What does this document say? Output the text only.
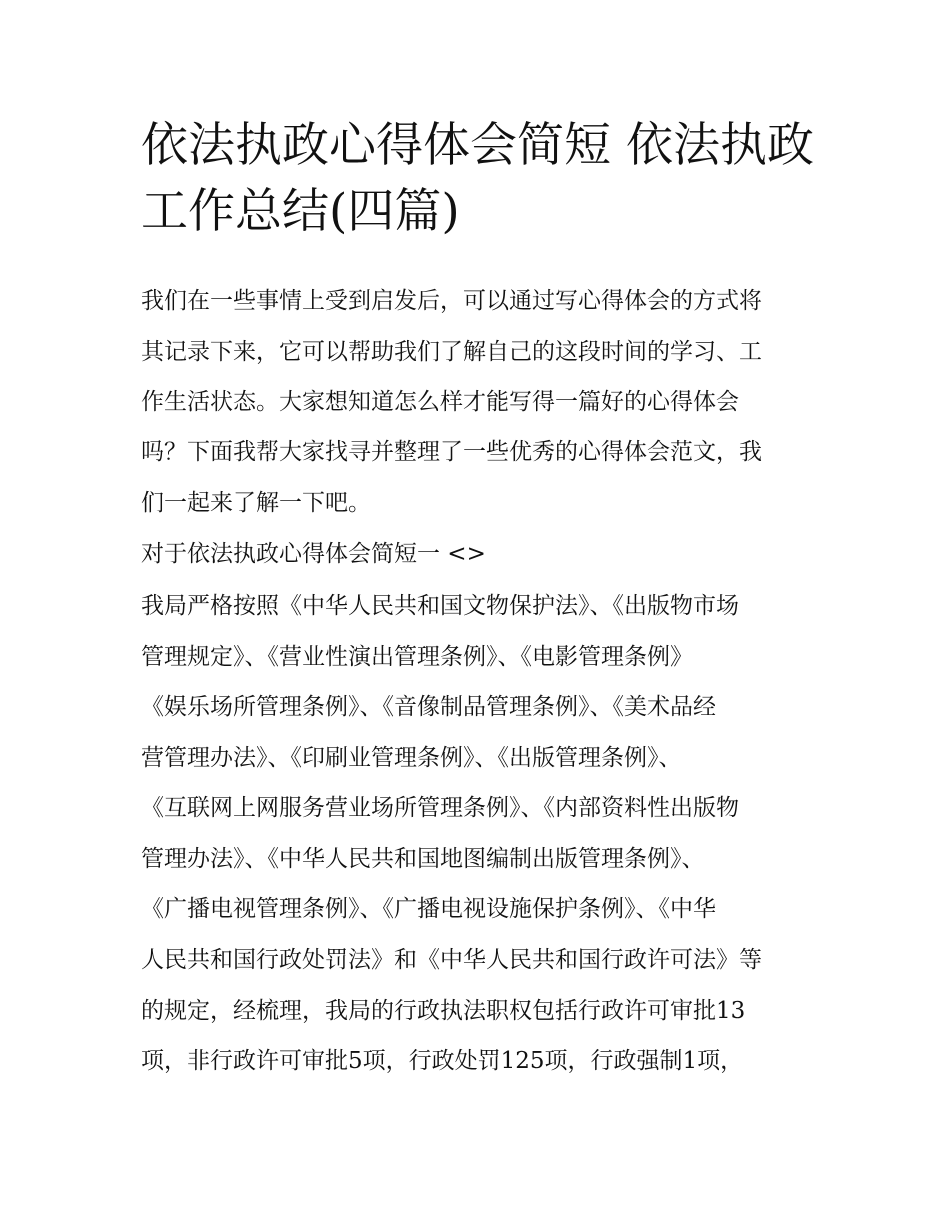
依法执政心得体会简短 依法执政工作总结(四篇)

我们在一些事情上受到启发后，可以通过写心得体会的方式将

其记录下来，它可以帮助我们了解自己的这段时间的学习、工

作生活状态。大家想知道怎么样才能写得一篇好的心得体会

吗？下面我帮大家找寻并整理了一些优秀的心得体会范文，我

们一起来了解一下吧。

对于依法执政心得体会简短一 <>

我局严格按照《中华人民共和国文物保护法》、《出版物市场

管理规定》、《营业性演出管理条例》、《电影管理条例》

《娱乐场所管理条例》、《音像制品管理条例》、《美术品经

营管理办法》、《印刷业管理条例》、《出版管理条例》、

《互联网上网服务营业场所管理条例》、《内部资料性出版物

管理办法》、《中华人民共和国地图编制出版管理条例》、

《广播电视管理条例》、《广播电视设施保护条例》、《中华

人民共和国行政处罚法》和《中华人民共和国行政许可法》等

的规定，经梳理，我局的行政执法职权包括行政许可审批13

项，非行政许可审批5项，行政处罚125项，行政强制1项，
